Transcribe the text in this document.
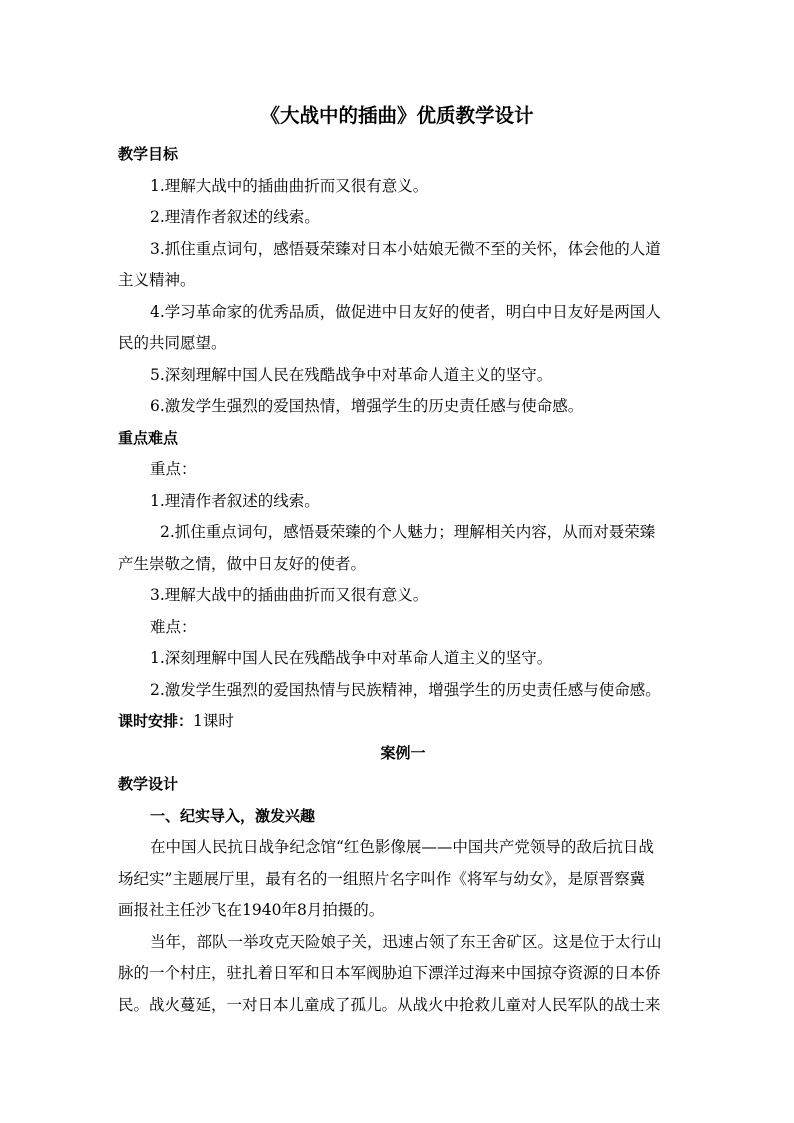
《大战中的插曲》优质教学设计

教学目标

1.理解大战中的插曲曲折而又很有意义。

2.理清作者叙述的线索。

3.抓住重点词句，感悟聂荣臻对日本小姑娘无微不至的关怀，体会他的人道

主义精神。

4.学习革命家的优秀品质，做促进中日友好的使者，明白中日友好是两国人

民的共同愿望。

5.深刻理解中国人民在残酷战争中对革命人道主义的坚守。

6.激发学生强烈的爱国热情，增强学生的历史责任感与使命感。

重点难点

重点：

1.理清作者叙述的线索。

2.抓住重点词句，感悟聂荣臻的个人魅力；理解相关内容，从而对聂荣臻

产生崇敬之情，做中日友好的使者。

3.理解大战中的插曲曲折而又很有意义。

难点：

1.深刻理解中国人民在残酷战争中对革命人道主义的坚守。

2.激发学生强烈的爱国热情与民族精神，增强学生的历史责任感与使命感。

课时安排：1课时

案例一

教学设计

一、纪实导入，激发兴趣

在中国人民抗日战争纪念馆“红色影像展——中国共产党领导的敌后抗日战

场纪实”主题展厅里，最有名的一组照片名字叫作《将军与幼女》，是原晋察冀

画报社主任沙飞在1940年8月拍摄的。

当年，部队一举攻克天险娘子关，迅速占领了东王舍矿区。这是位于太行山

脉的一个村庄，驻扎着日军和日本军阀胁迫下漂洋过海来中国掠夺资源的日本侨

民。战火蔓延，一对日本儿童成了孤儿。从战火中抢救儿童对人民军队的战士来
